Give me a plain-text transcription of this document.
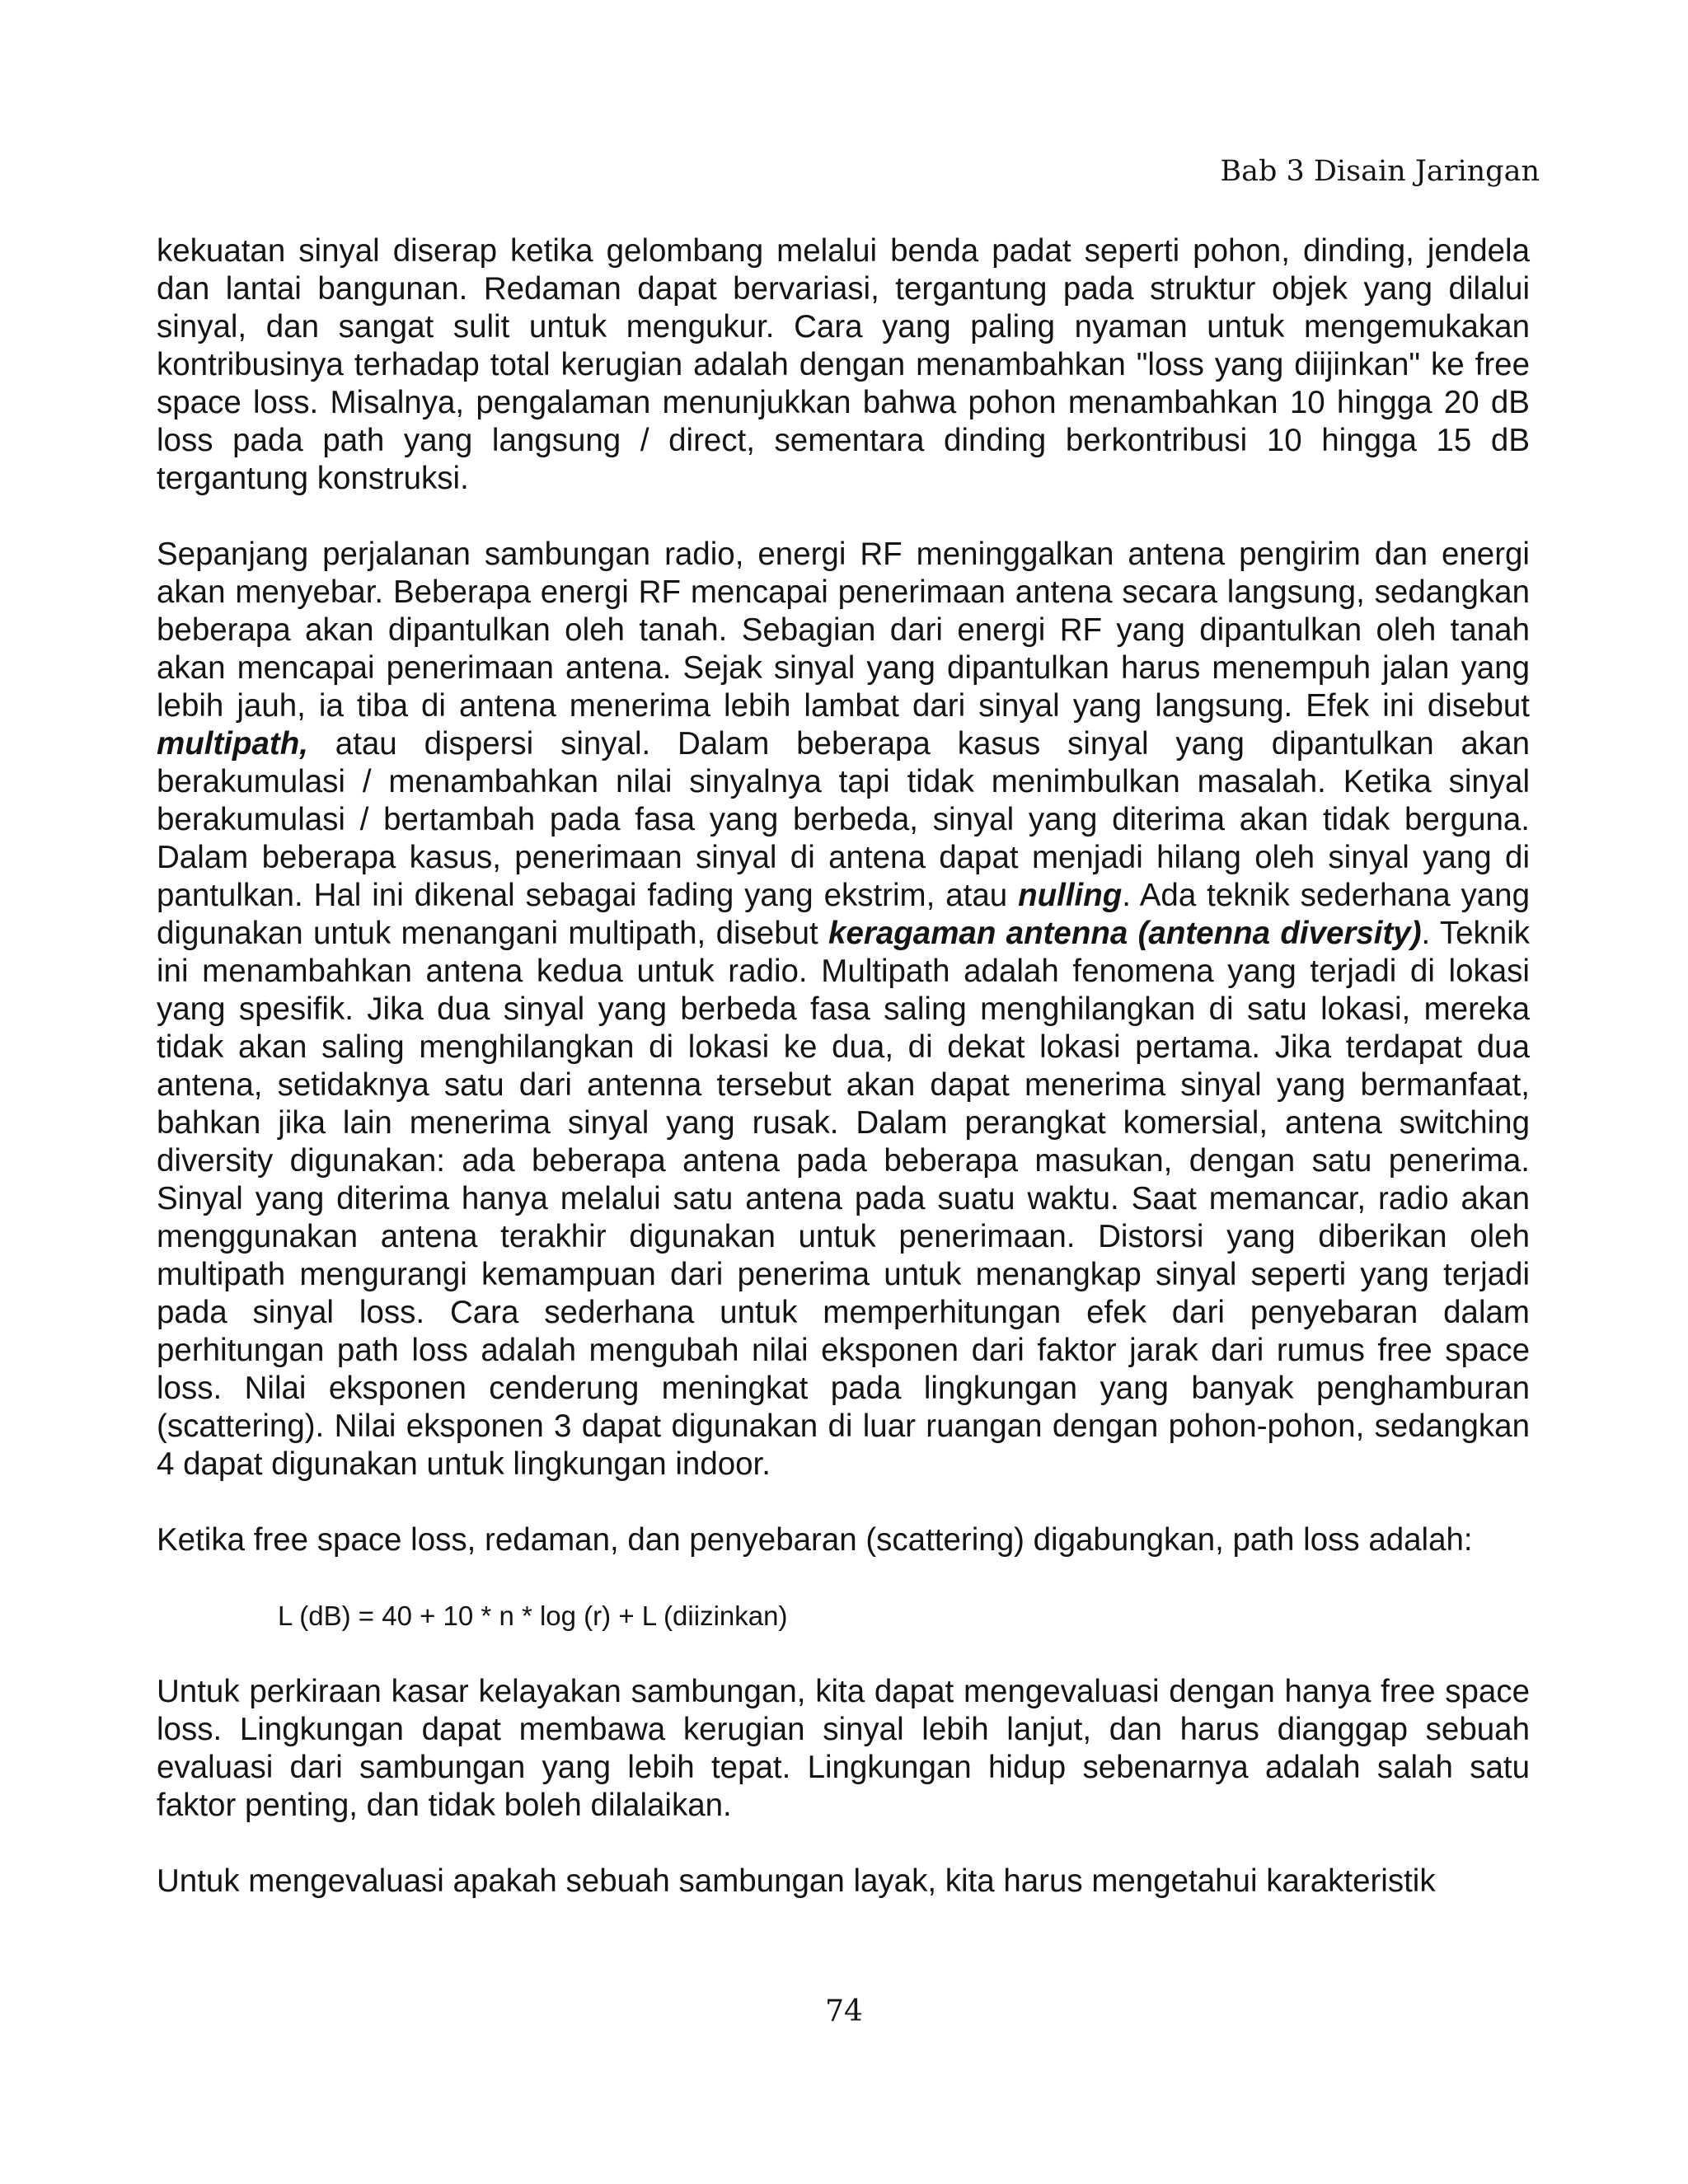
Bab 3 Disain Jaringan

kekuatan sinyal diserap ketika gelombang melalui benda padat seperti pohon, dinding, jendela dan lantai bangunan. Redaman dapat bervariasi, tergantung pada struktur objek yang dilalui sinyal, dan sangat sulit untuk mengukur. Cara yang paling nyaman untuk mengemukakan kontribusinya terhadap total kerugian adalah dengan menambahkan "loss yang diijinkan" ke free space loss. Misalnya, pengalaman menunjukkan bahwa pohon menambahkan 10 hingga 20 dB loss pada path yang langsung / direct, sementara dinding berkontribusi 10 hingga 15 dB tergantung konstruksi.

Sepanjang perjalanan sambungan radio, energi RF meninggalkan antena pengirim dan energi akan menyebar. Beberapa energi RF mencapai penerimaan antena secara langsung, sedangkan beberapa akan dipantulkan oleh tanah. Sebagian dari energi RF yang dipantulkan oleh tanah akan mencapai penerimaan antena. Sejak sinyal yang dipantulkan harus menempuh jalan yang lebih jauh, ia tiba di antena menerima lebih lambat dari sinyal yang langsung. Efek ini disebut multipath, atau dispersi sinyal. Dalam beberapa kasus sinyal yang dipantulkan akan berakumulasi / menambahkan nilai sinyalnya tapi tidak menimbulkan masalah. Ketika sinyal berakumulasi / bertambah pada fasa yang berbeda, sinyal yang diterima akan tidak berguna. Dalam beberapa kasus, penerimaan sinyal di antena dapat menjadi hilang oleh sinyal yang di pantulkan. Hal ini dikenal sebagai fading yang ekstrim, atau nulling. Ada teknik sederhana yang digunakan untuk menangani multipath, disebut keragaman antenna (antenna diversity). Teknik ini menambahkan antena kedua untuk radio. Multipath adalah fenomena yang terjadi di lokasi yang spesifik. Jika dua sinyal yang berbeda fasa saling menghilangkan di satu lokasi, mereka tidak akan saling menghilangkan di lokasi ke dua, di dekat lokasi pertama. Jika terdapat dua antena, setidaknya satu dari antenna tersebut akan dapat menerima sinyal yang bermanfaat, bahkan jika lain menerima sinyal yang rusak. Dalam perangkat komersial, antena switching diversity digunakan: ada beberapa antena pada beberapa masukan, dengan satu penerima. Sinyal yang diterima hanya melalui satu antena pada suatu waktu. Saat memancar, radio akan menggunakan antena terakhir digunakan untuk penerimaan. Distorsi yang diberikan oleh multipath mengurangi kemampuan dari penerima untuk menangkap sinyal seperti yang terjadi pada sinyal loss. Cara sederhana untuk memperhitungan efek dari penyebaran dalam perhitungan path loss adalah mengubah nilai eksponen dari faktor jarak dari rumus free space loss. Nilai eksponen cenderung meningkat pada lingkungan yang banyak penghamburan (scattering). Nilai eksponen 3 dapat digunakan di luar ruangan dengan pohon-pohon, sedangkan 4 dapat digunakan untuk lingkungan indoor.

Ketika free space loss, redaman, dan penyebaran (scattering) digabungkan, path loss adalah:

L (dB) = 40 + 10 * n * log (r) + L (diizinkan)

Untuk perkiraan kasar kelayakan sambungan, kita dapat mengevaluasi dengan hanya free space loss. Lingkungan dapat membawa kerugian sinyal lebih lanjut, dan harus dianggap sebuah evaluasi dari sambungan yang lebih tepat. Lingkungan hidup sebenarnya adalah salah satu faktor penting, dan tidak boleh dilalaikan.

Untuk mengevaluasi apakah sebuah sambungan layak, kita harus mengetahui karakteristik

74
